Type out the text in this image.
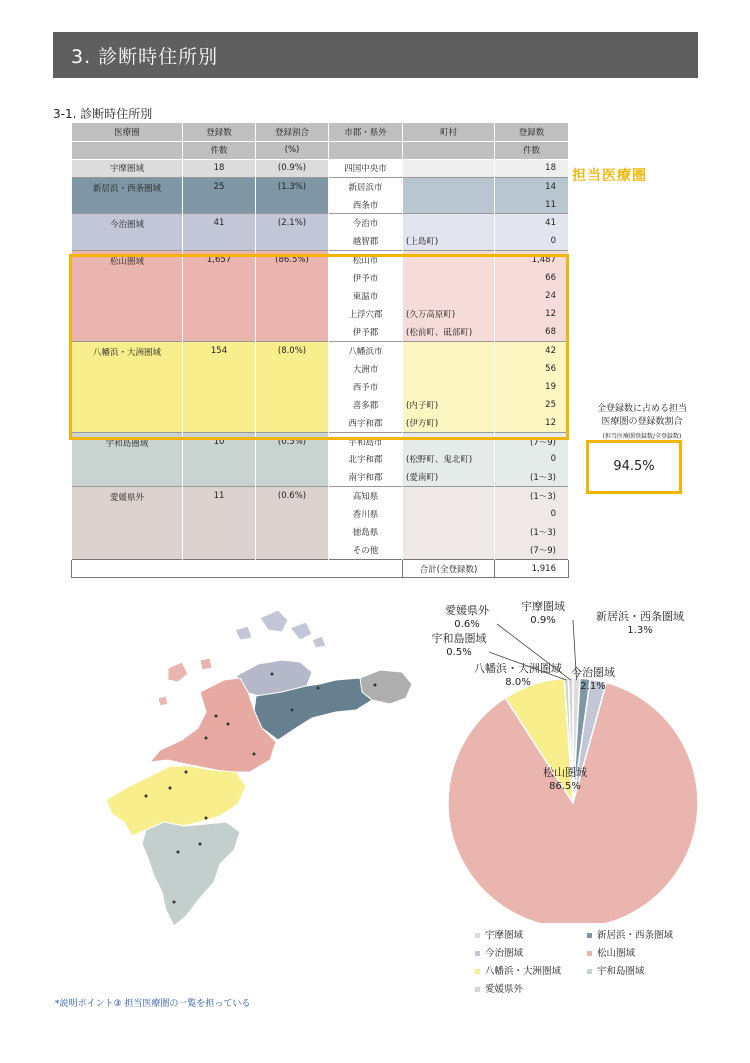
3. 診断時住所別
3-1. 診断時住所別
医療圏	登録数	登録割合	市郡・県外	町村	登録数
	件数	(%)			件数
宇摩圏域	18	(0.9%)	四国中央市		18
新居浜・西条圏域	25	(1.3%)	新居浜市		14
			西条市		11
今治圏域	41	(2.1%)	今治市		41
			越智郡	(上島町)	0
松山圏域	1,657	(86.5%)	松山市		1,487
			伊予市		66
			東温市		24
			上浮穴郡	(久万高原町)	12
			伊予郡	(松前町、砥部町)	68
八幡浜・大洲圏域	154	(8.0%)	八幡浜市		42
			大洲市		56
			西予市		19
			喜多郡	(内子町)	25
			西宇和郡	(伊方町)	12
宇和島圏域	10	(0.5%)	宇和島市		(7〜9)
			北宇和郡	(松野町、鬼北町)	0
			南宇和郡	(愛南町)	(1〜3)
愛媛県外	11	(0.6%)	高知県		(1〜3)
			香川県		0
			徳島県		(1〜3)
			その他		(7〜9)
				合計(全登録数)	1,916
担当医療圏
全登録数に占める担当
医療圏の登録数割合
(担当医療圏登録数/全登録数)
94.5%
宇摩圏域
0.9%	新居浜・西条圏域
1.3%
今治圏域
2.1%
松山圏域
86.5%
八幡浜・大洲圏域
8.0%
宇和島圏域
0.5%
愛媛県外
0.6%
宇摩圏域	新居浜・西条圏域
今治圏域	松山圏域
八幡浜・大洲圏域	宇和島圏域
愛媛県外
*説明ポイント③ 担当医療圏の一覧を担っている
